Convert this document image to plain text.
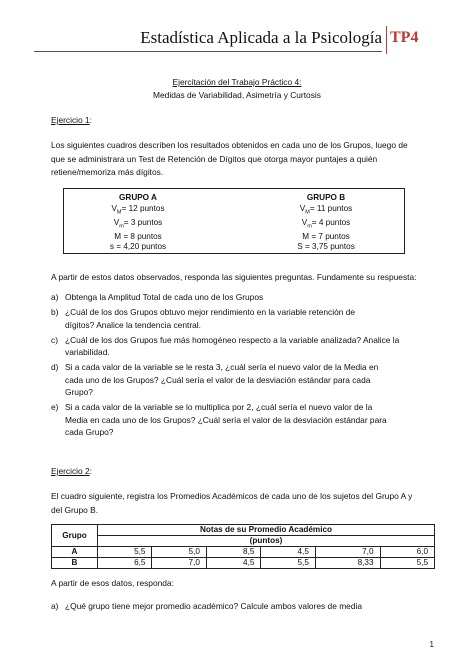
Estadística Aplicada a la Psicología TP4
Ejercitación del Trabajo Práctico 4:
Medidas de Variabilidad, Asimetría y Curtosis
Ejercicio 1:
Los siguientes cuadros describen los resultados obtenidos en cada uno de los Grupos, luego de
que se administrara un Test de Retención de Dígitos que otorga mayor puntajes a quién
retiene/memoriza más dígitos.
GRUPO A
$V_M= 12$ puntos
$V_m= 3$ puntos
M = 8 puntos
s = 4,20 puntos
GRUPO B
$V_M= 11$ puntos
$V_m= 4$ puntos
M = 7 puntos
S = 3,75 puntos
A partir de estos datos observados, responda las siguientes preguntas. Fundamente su respuesta:
a) Obtenga la Amplitud Total de cada uno de los Grupos
b) ¿Cuál de los dos Grupos obtuvo mejor rendimiento en la variable retención de
dígitos? Analice la tendencia central.
c) ¿Cuál de los dos Grupos fue más homogéneo respecto a la variable analizada? Analice la
variabilidad.
d) Si a cada valor de la variable se le resta 3, ¿cuál sería el nuevo valor de la Media en
cada uno de los Grupos? ¿Cuál sería el valor de la desviación estándar para cada
Grupo?
e) Si a cada valor de la variable se lo multiplica por 2, ¿cuál sería el nuevo valor de la
Media en cada uno de los Grupos? ¿Cuál sería el valor de la desviación estándar para
cada Grupo?
Ejercicio 2:
El cuadro siguiente, registra los Promedios Académicos de cada uno de los sujetos del Grupo A y
del Grupo B.
Grupo	Notas de su Promedio Académico					
	(puntos)					
A	5,5	5,0	8,5	4,5	7,0	6,0
B	6,5	7,0	4,5	5,5	8,33	5,5
A partir de esos datos, responda:
a) ¿Qué grupo tiene mejor promedio académico? Calcule ambos valores de media
1
